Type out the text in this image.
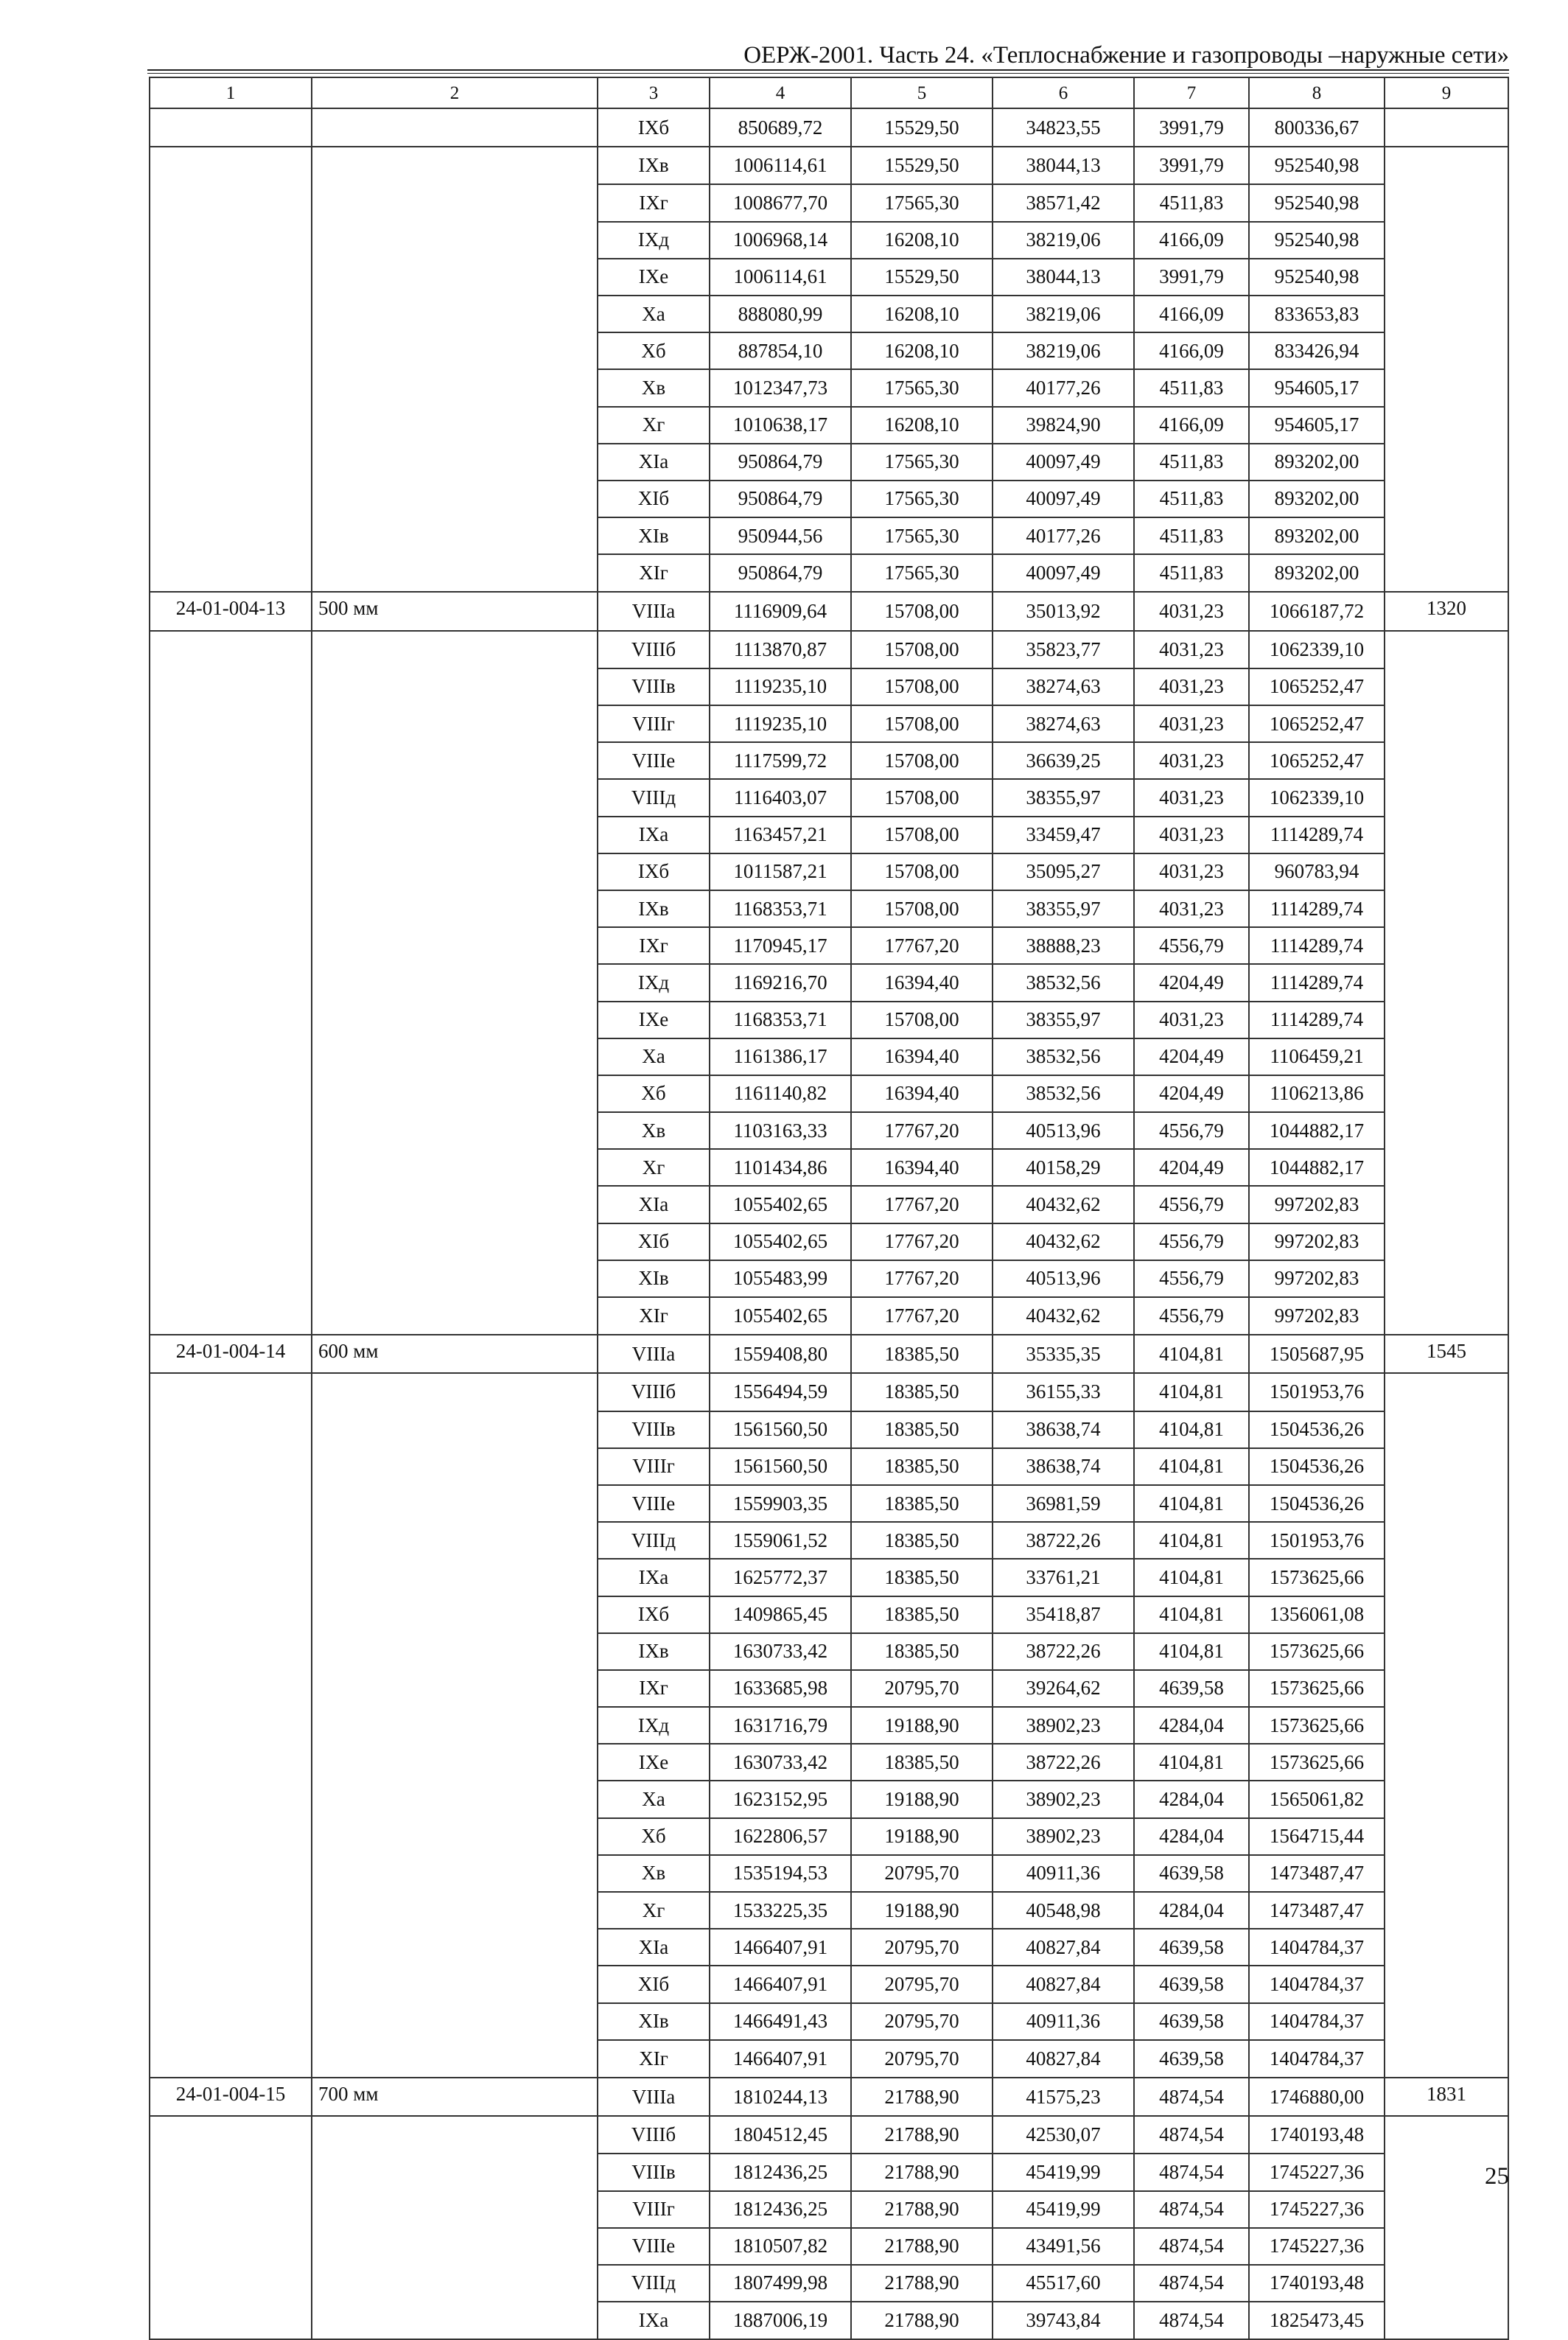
ОЕРЖ-2001. Часть 24. «Теплоснабжение и газопроводы –наружные сети»
1	2	3	4	5	6	7	8	9
		IXб	850689,72	15529,50	34823,55	3991,79	800336,67	
		IXв	1006114,61	15529,50	38044,13	3991,79	952540,98	
		IXг	1008677,70	17565,30	38571,42	4511,83	952540,98	
		IXд	1006968,14	16208,10	38219,06	4166,09	952540,98	
		IXе	1006114,61	15529,50	38044,13	3991,79	952540,98	
		Xа	888080,99	16208,10	38219,06	4166,09	833653,83	
		Xб	887854,10	16208,10	38219,06	4166,09	833426,94	
		Xв	1012347,73	17565,30	40177,26	4511,83	954605,17	
		Xг	1010638,17	16208,10	39824,90	4166,09	954605,17	
		XIа	950864,79	17565,30	40097,49	4511,83	893202,00	
		XIб	950864,79	17565,30	40097,49	4511,83	893202,00	
		XIв	950944,56	17565,30	40177,26	4511,83	893202,00	
		XIг	950864,79	17565,30	40097,49	4511,83	893202,00	
24-01-004-13	500 мм	VIIIа	1116909,64	15708,00	35013,92	4031,23	1066187,72	1320
		VIIIб	1113870,87	15708,00	35823,77	4031,23	1062339,10	
		VIIIв	1119235,10	15708,00	38274,63	4031,23	1065252,47	
		VIIIг	1119235,10	15708,00	38274,63	4031,23	1065252,47	
		VIIIе	1117599,72	15708,00	36639,25	4031,23	1065252,47	
		VIIIд	1116403,07	15708,00	38355,97	4031,23	1062339,10	
		IXа	1163457,21	15708,00	33459,47	4031,23	1114289,74	
		IXб	1011587,21	15708,00	35095,27	4031,23	960783,94	
		IXв	1168353,71	15708,00	38355,97	4031,23	1114289,74	
		IXг	1170945,17	17767,20	38888,23	4556,79	1114289,74	
		IXд	1169216,70	16394,40	38532,56	4204,49	1114289,74	
		IXе	1168353,71	15708,00	38355,97	4031,23	1114289,74	
		Xа	1161386,17	16394,40	38532,56	4204,49	1106459,21	
		Xб	1161140,82	16394,40	38532,56	4204,49	1106213,86	
		Xв	1103163,33	17767,20	40513,96	4556,79	1044882,17	
		Xг	1101434,86	16394,40	40158,29	4204,49	1044882,17	
		XIа	1055402,65	17767,20	40432,62	4556,79	997202,83	
		XIб	1055402,65	17767,20	40432,62	4556,79	997202,83	
		XIв	1055483,99	17767,20	40513,96	4556,79	997202,83	
		XIг	1055402,65	17767,20	40432,62	4556,79	997202,83	
24-01-004-14	600 мм	VIIIа	1559408,80	18385,50	35335,35	4104,81	1505687,95	1545
		VIIIб	1556494,59	18385,50	36155,33	4104,81	1501953,76	
		VIIIв	1561560,50	18385,50	38638,74	4104,81	1504536,26	
		VIIIг	1561560,50	18385,50	38638,74	4104,81	1504536,26	
		VIIIе	1559903,35	18385,50	36981,59	4104,81	1504536,26	
		VIIIд	1559061,52	18385,50	38722,26	4104,81	1501953,76	
		IXа	1625772,37	18385,50	33761,21	4104,81	1573625,66	
		IXб	1409865,45	18385,50	35418,87	4104,81	1356061,08	
		IXв	1630733,42	18385,50	38722,26	4104,81	1573625,66	
		IXг	1633685,98	20795,70	39264,62	4639,58	1573625,66	
		IXд	1631716,79	19188,90	38902,23	4284,04	1573625,66	
		IXе	1630733,42	18385,50	38722,26	4104,81	1573625,66	
		Xа	1623152,95	19188,90	38902,23	4284,04	1565061,82	
		Xб	1622806,57	19188,90	38902,23	4284,04	1564715,44	
		Xв	1535194,53	20795,70	40911,36	4639,58	1473487,47	
		Xг	1533225,35	19188,90	40548,98	4284,04	1473487,47	
		XIа	1466407,91	20795,70	40827,84	4639,58	1404784,37	
		XIб	1466407,91	20795,70	40827,84	4639,58	1404784,37	
		XIв	1466491,43	20795,70	40911,36	4639,58	1404784,37	
		XIг	1466407,91	20795,70	40827,84	4639,58	1404784,37	
24-01-004-15	700 мм	VIIIа	1810244,13	21788,90	41575,23	4874,54	1746880,00	1831
		VIIIб	1804512,45	21788,90	42530,07	4874,54	1740193,48	
		VIIIв	1812436,25	21788,90	45419,99	4874,54	1745227,36	
		VIIIг	1812436,25	21788,90	45419,99	4874,54	1745227,36	
		VIIIе	1810507,82	21788,90	43491,56	4874,54	1745227,36	
		VIIIд	1807499,98	21788,90	45517,60	4874,54	1740193,48	
		IXа	1887006,19	21788,90	39743,84	4874,54	1825473,45	
25
